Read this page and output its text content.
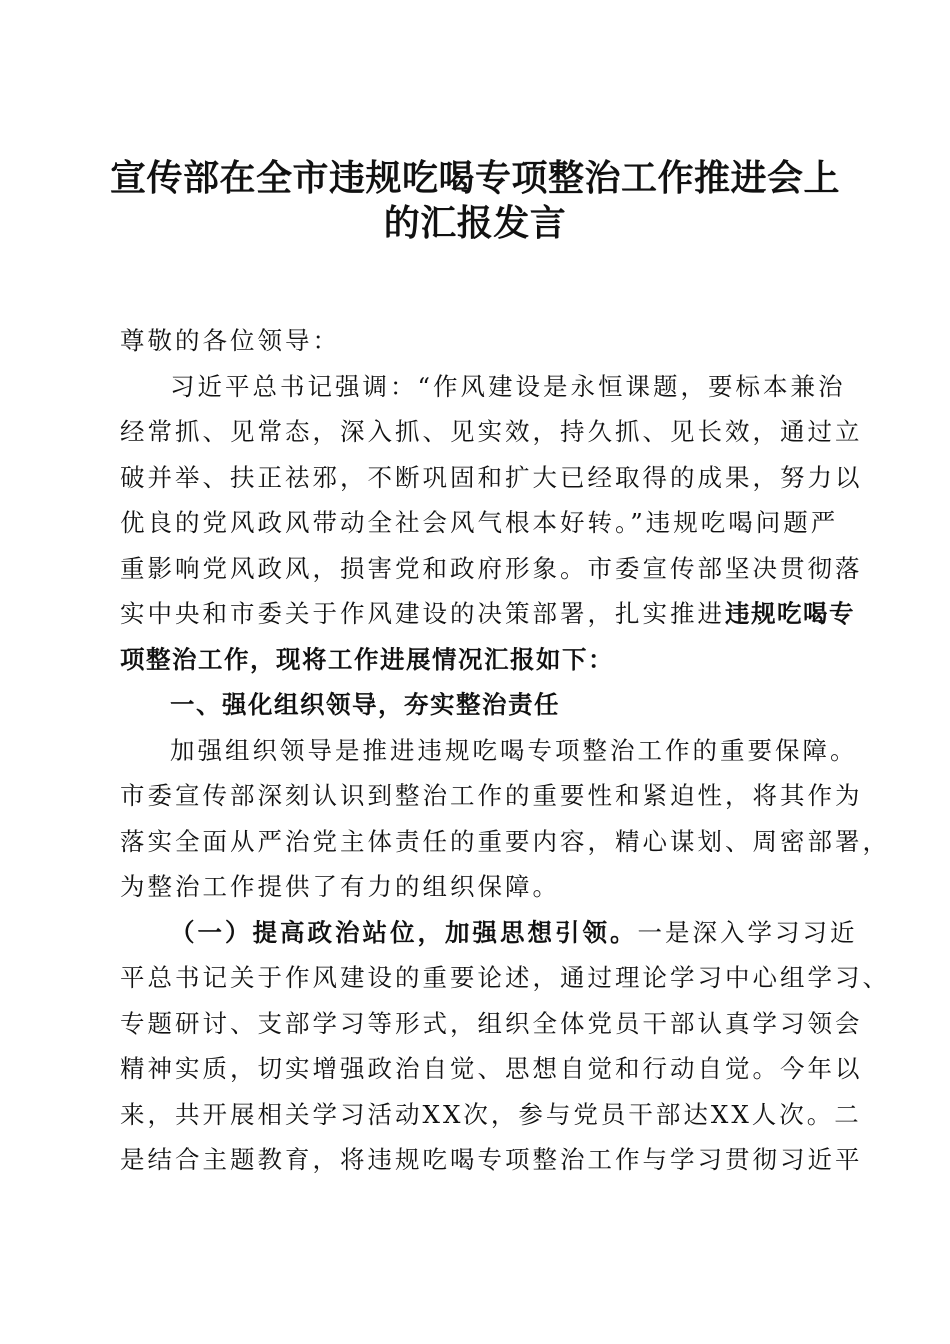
宣传部在全市违规吃喝专项整治工作推进会上
的汇报发言
尊敬的各位领导：
习近平总书记强调：“作风建设是永恒课题，要标本兼治
经常抓、见常态，深入抓、见实效，持久抓、见长效，通过立
破并举、扶正祛邪，不断巩固和扩大已经取得的成果，努力以
优良的党风政风带动全社会风气根本好转。”违规吃喝问题严
重影响党风政风，损害党和政府形象。市委宣传部坚决贯彻落
实中央和市委关于作风建设的决策部署，扎实推进违规吃喝专
项整治工作，现将工作进展情况汇报如下：
一、强化组织领导，夯实整治责任
加强组织领导是推进违规吃喝专项整治工作的重要保障。
市委宣传部深刻认识到整治工作的重要性和紧迫性，将其作为
落实全面从严治党主体责任的重要内容，精心谋划、周密部署，
为整治工作提供了有力的组织保障。
（一）提高政治站位，加强思想引领。一是深入学习习近
平总书记关于作风建设的重要论述，通过理论学习中心组学习、
专题研讨、支部学习等形式，组织全体党员干部认真学习领会
精神实质，切实增强政治自觉、思想自觉和行动自觉。今年以
来，共开展相关学习活动XX次，参与党员干部达XX人次。二
是结合主题教育，将违规吃喝专项整治工作与学习贯彻习近平
